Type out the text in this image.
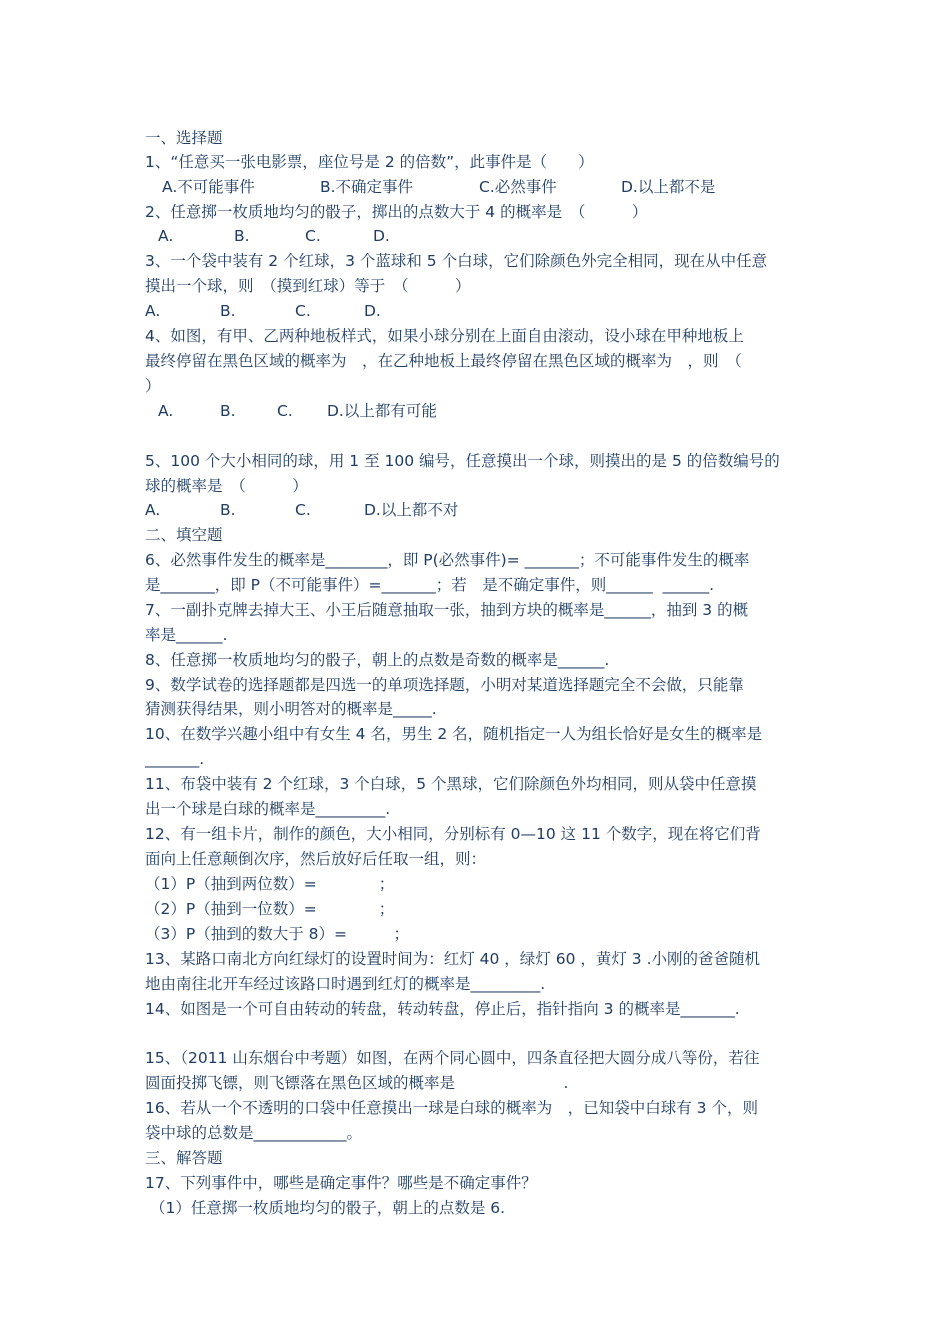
一、选择题
1、“任意买一张电影票，座位号是 2 的倍数”，此事件是（　　）
A.不可能事件	B.不确定事件	C.必然事件	D.以上都不是
2、任意掷一枚质地均匀的骰子，掷出的点数大于 4 的概率是　（　　　）
A.	B.	C.	D.
3、一个袋中装有 2 个红球，3 个蓝球和 5 个白球，它们除颜色外完全相同，现在从中任意
摸出一个球，则　（摸到红球）等于　（　　　）
A.	B.	C.	D.
4、如图，有甲、乙两种地板样式，如果小球分别在上面自由滚动，设小球在甲种地板上
最终停留在黑色区域的概率为　，在乙种地板上最终停留在黑色区域的概率为　，则　（
）
A.	B.	C. D.以上都有可能
5、100 个大小相同的球，用 1 至 100 编号，任意摸出一个球，则摸出的是 5 的倍数编号的
球的概率是　（　　　）
A.	B.	C.	D.以上都不对
二、填空题
6、必然事件发生的概率是________，即 P(必然事件)= _______；不可能事件发生的概率
是_______，即 P（不可能事件）=_______；若　是不确定事件，则______  ______.
7、一副扑克牌去掉大王、小王后随意抽取一张，抽到方块的概率是______，抽到 3 的概
率是______.
8、任意掷一枚质地均匀的骰子，朝上的点数是奇数的概率是______.
9、数学试卷的选择题都是四选一的单项选择题，小明对某道选择题完全不会做，只能靠
猜测获得结果，则小明答对的概率是_____.
10、在数学兴趣小组中有女生 4 名，男生 2 名，随机指定一人为组长恰好是女生的概率是
_______.
11、布袋中装有 2 个红球，3 个白球，5 个黑球，它们除颜色外均相同，则从袋中任意摸
出一个球是白球的概率是_________.
12、有一组卡片，制作的颜色，大小相同，分别标有 0—10 这 11 个数字，现在将它们背
面向上任意颠倒次序，然后放好后任取一组，则：
（1）P（抽到两位数）=　　　　；
（2）P（抽到一位数）=　　　　；
（3）P（抽到的数大于 8）=　　　；
13、某路口南北方向红绿灯的设置时间为：红灯 40 ，绿灯 60 ，黄灯 3 .小刚的爸爸随机
地由南往北开车经过该路口时遇到红灯的概率是_________.
14、如图是一个可自由转动的转盘，转动转盘，停止后，指针指向 3 的概率是_______.
15、（2011 山东烟台中考题）如图，在两个同心圆中，四条直径把大圆分成八等份，若往
圆面投掷飞镖，则飞镖落在黑色区域的概率是　　　　　　　.
16、若从一个不透明的口袋中任意摸出一球是白球的概率为　，已知袋中白球有 3 个，则
袋中球的总数是____________。
三、解答题
17、下列事件中，哪些是确定事件？哪些是不确定事件？
（1）任意掷一枚质地均匀的骰子，朝上的点数是 6.
